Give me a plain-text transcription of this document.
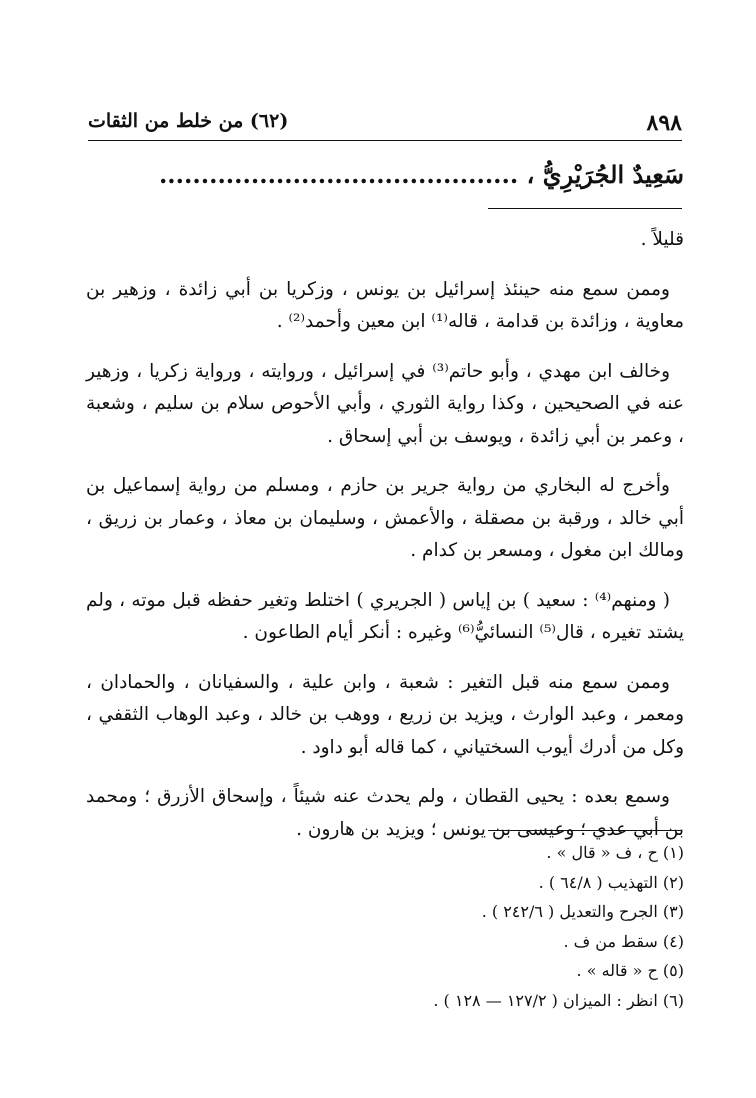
(٦٢) من خلط من الثقات	٨٩٨
سَعِيدٌ الجُرَيْرِيُّ ، ...........................................

قليلاً .

وممن سمع منه حينئذ إسرائيل بن يونس ، وزكريا بن أبي زائدة ، وزهير بن معاوية ، وزائدة بن قدامة ، قاله⁽¹⁾ ابن معين وأحمد⁽²⁾ .

وخالف ابن مهدي ، وأبو حاتم⁽³⁾ في إسرائيل ، وروايته ، ورواية زكريا ، وزهير عنه في الصحيحين ، وكذا رواية الثوري ، وأبي الأحوص سلام بن سليم ، وشعبة ، وعمر بن أبي زائدة ، ويوسف بن أبي إسحاق .

وأخرج له البخاري من رواية جرير بن حازم ، ومسلم من رواية إسماعيل بن أبي خالد ، ورقبة بن مصقلة ، والأعمش ، وسليمان بن معاذ ، وعمار بن زريق ، ومالك ابن مغول ، ومسعر بن كدام .

( ومنهم⁽⁴⁾ : سعيد ) بن إياس ( الجريري ) اختلط وتغير حفظه قبل موته ، ولم يشتد تغيره ، قال⁽⁵⁾ النسائيُّ⁽⁶⁾ وغيره : أنكر أيام الطاعون .

وممن سمع منه قبل التغير : شعبة ، وابن علية ، والسفيانان ، والحمادان ، ومعمر ، وعبد الوارث ، ويزيد بن زريع ، ووهب بن خالد ، وعبد الوهاب الثقفي ، وكل من أدرك أيوب السختياني ، كما قاله أبو داود .

وسمع بعده : يحيى القطان ، ولم يحدث عنه شيئاً ، وإسحاق الأزرق ؛ ومحمد بن أبي عدي ؛ وعيسى بن يونس ؛ ويزيد بن هارون .

(١) ح ، ف « قال » .
(٢) التهذيب ( ٦٤/٨ ) .
(٣) الجرح والتعديل ( ٢٤٢/٦ ) .
(٤) سقط من ف .
(٥) ح « قاله » .
(٦) انظر : الميزان ( ١٢٧/٢ — ١٢٨ ) .
